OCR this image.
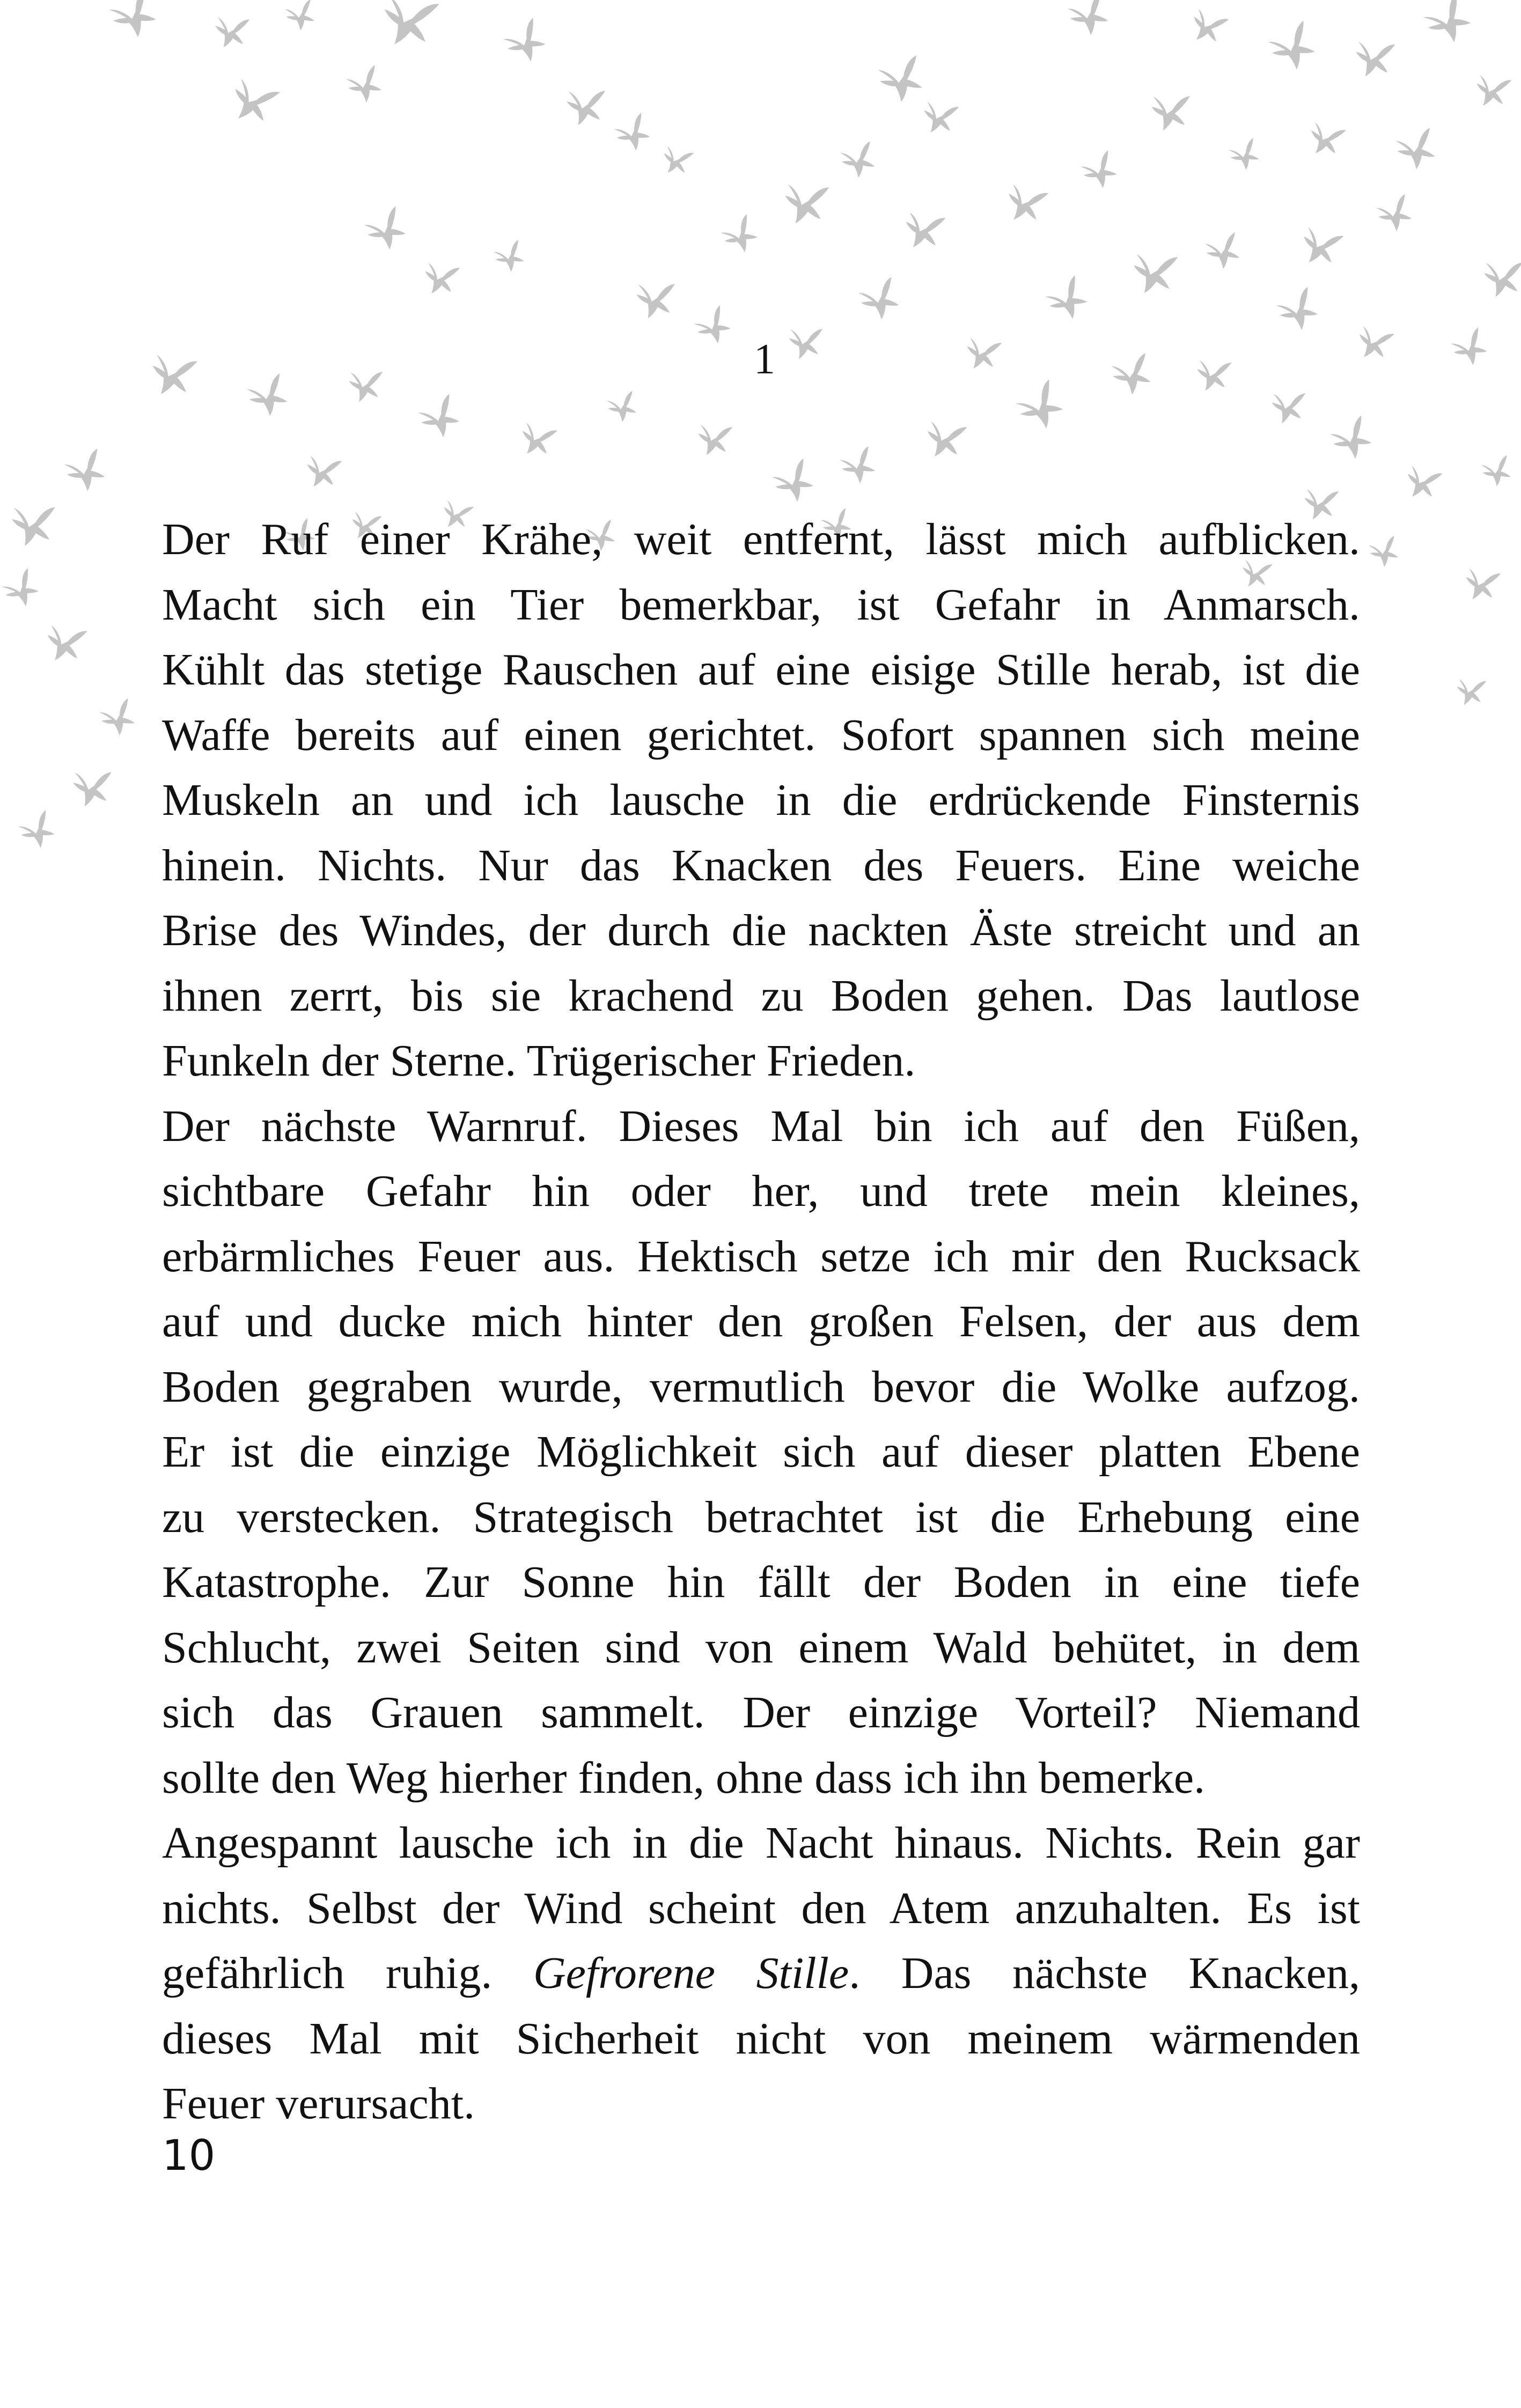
1

Der Ruf einer Krähe, weit entfernt, lässt mich aufblicken.
Macht sich ein Tier bemerkbar, ist Gefahr in Anmarsch.
Kühlt das stetige Rauschen auf eine eisige Stille herab, ist die
Waffe bereits auf einen gerichtet. Sofort spannen sich meine
Muskeln an und ich lausche in die erdrückende Finsternis
hinein. Nichts. Nur das Knacken des Feuers. Eine weiche
Brise des Windes, der durch die nackten Äste streicht und an
ihnen zerrt, bis sie krachend zu Boden gehen. Das lautlose
Funkeln der Sterne. Trügerischer Frieden.

Der nächste Warnruf. Dieses Mal bin ich auf den Füßen,
sichtbare Gefahr hin oder her, und trete mein kleines,
erbärmliches Feuer aus. Hektisch setze ich mir den Rucksack
auf und ducke mich hinter den großen Felsen, der aus dem
Boden gegraben wurde, vermutlich bevor die Wolke aufzog.
Er ist die einzige Möglichkeit sich auf dieser platten Ebene
zu verstecken. Strategisch betrachtet ist die Erhebung eine
Katastrophe. Zur Sonne hin fällt der Boden in eine tiefe
Schlucht, zwei Seiten sind von einem Wald behütet, in dem
sich das Grauen sammelt. Der einzige Vorteil? Niemand
sollte den Weg hierher finden, ohne dass ich ihn bemerke.

Angespannt lausche ich in die Nacht hinaus. Nichts. Rein gar
nichts. Selbst der Wind scheint den Atem anzuhalten. Es ist
gefährlich ruhig. Gefrorene Stille. Das nächste Knacken,
dieses Mal mit Sicherheit nicht von meinem wärmenden
Feuer verursacht.

10
